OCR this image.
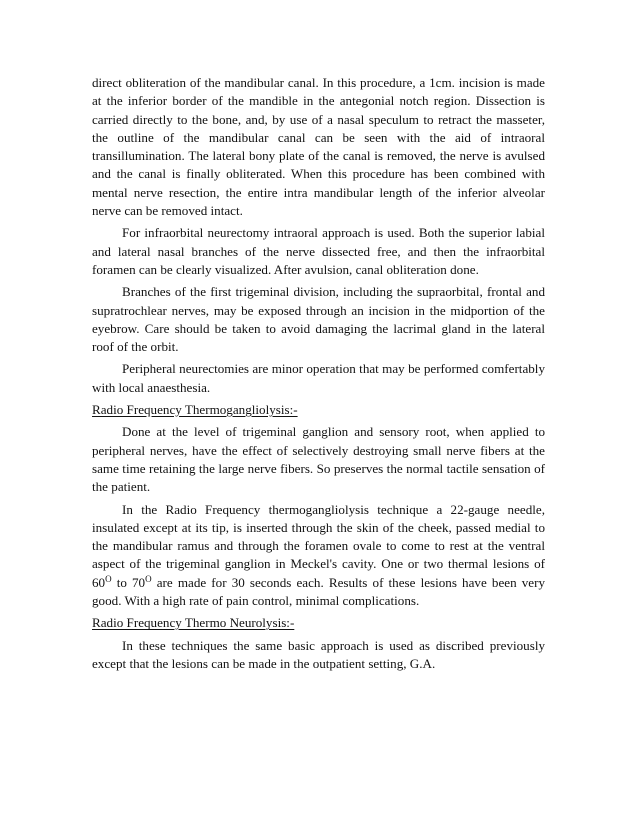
direct obliteration of the mandibular canal. In this procedure, a 1cm. incision is made at the inferior border of the mandible in the antegonial notch region. Dissection is carried directly to the bone, and, by use of a nasal speculum to retract the masseter, the outline of the mandibular canal can be seen with the aid of intraoral transillumination. The lateral bony plate of the canal is removed, the nerve is avulsed and the canal is finally obliterated. When this procedure has been combined with mental nerve resection, the entire intra mandibular length of the inferior alveolar nerve can be removed intact.

For infraorbital neurectomy intraoral approach is used. Both the superior labial and lateral nasal branches of the nerve dissected free, and then the infraorbital foramen can be clearly visualized. After avulsion, canal obliteration done.

Branches of the first trigeminal division, including the supraorbital, frontal and supratrochlear nerves, may be exposed through an incision in the midportion of the eyebrow. Care should be taken to avoid damaging the lacrimal gland in the lateral roof of the orbit.

Peripheral neurectomies are minor operation that may be performed comfertably with local anaesthesia.

Radio Frequency Thermogangliolysis:-

Done at the level of trigeminal ganglion and sensory root, when applied to peripheral nerves, have the effect of selectively destroying small nerve fibers at the same time retaining the large nerve fibers. So preserves the normal tactile sensation of the patient.

In the Radio Frequency thermogangliolysis technique a 22-gauge needle, insulated except at its tip, is inserted through the skin of the cheek, passed medial to the mandibular ramus and through the foramen ovale to come to rest at the ventral aspect of the trigeminal ganglion in Meckel's cavity. One or two thermal lesions of $60^O$ to $70^O$ are made for 30 seconds each. Results of these lesions have been very good. With a high rate of pain control, minimal complications.

Radio Frequency Thermo Neurolysis:-

In these techniques the same basic approach is used as discribed previously except that the lesions can be made in the outpatient setting, G.A.
